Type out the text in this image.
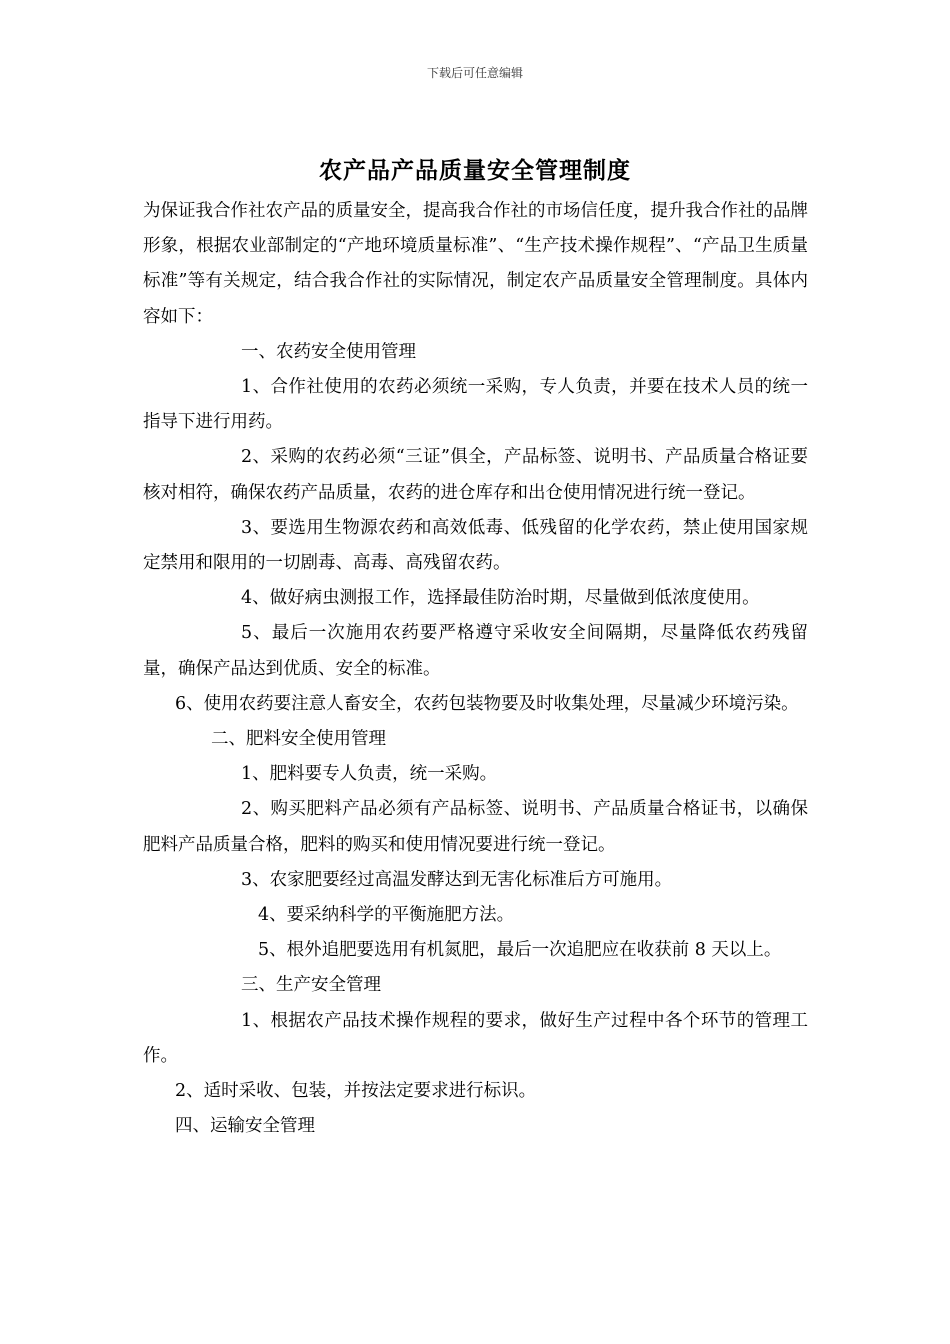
下载后可任意编辑
农产品产品质量安全管理制度

为保证我合作社农产品的质量安全，提高我合作社的市场信任度，提升我合作社的品牌形象，根据农业部制定的“产地环境质量标准”、“生产技术操作规程”、“产品卫生质量标准”等有关规定，结合我合作社的实际情况，制定农产品质量安全管理制度。具体内容如下：

一、农药安全使用管理

1、合作社使用的农药必须统一采购，专人负责，并要在技术人员的统一指导下进行用药。

2、采购的农药必须“三证”俱全，产品标签、说明书、产品质量合格证要核对相符，确保农药产品质量，农药的进仓库存和出仓使用情况进行统一登记。

3、要选用生物源农药和高效低毒、低残留的化学农药，禁止使用国家规定禁用和限用的一切剧毒、高毒、高残留农药。

4、做好病虫测报工作，选择最佳防治时期，尽量做到低浓度使用。

5、最后一次施用农药要严格遵守采收安全间隔期，尽量降低农药残留量，确保产品达到优质、安全的标准。

6、使用农药要注意人畜安全，农药包装物要及时收集处理，尽量减少环境污染。

二、肥料安全使用管理

1、肥料要专人负责，统一采购。

2、购买肥料产品必须有产品标签、说明书、产品质量合格证书，以确保肥料产品质量合格，肥料的购买和使用情况要进行统一登记。

3、农家肥要经过高温发酵达到无害化标准后方可施用。

4、要采纳科学的平衡施肥方法。

5、根外追肥要选用有机氮肥，最后一次追肥应在收获前 8 天以上。

三、生产安全管理

1、根据农产品技术操作规程的要求，做好生产过程中各个环节的管理工作。

2、适时采收、包装，并按法定要求进行标识。

四、运输安全管理
